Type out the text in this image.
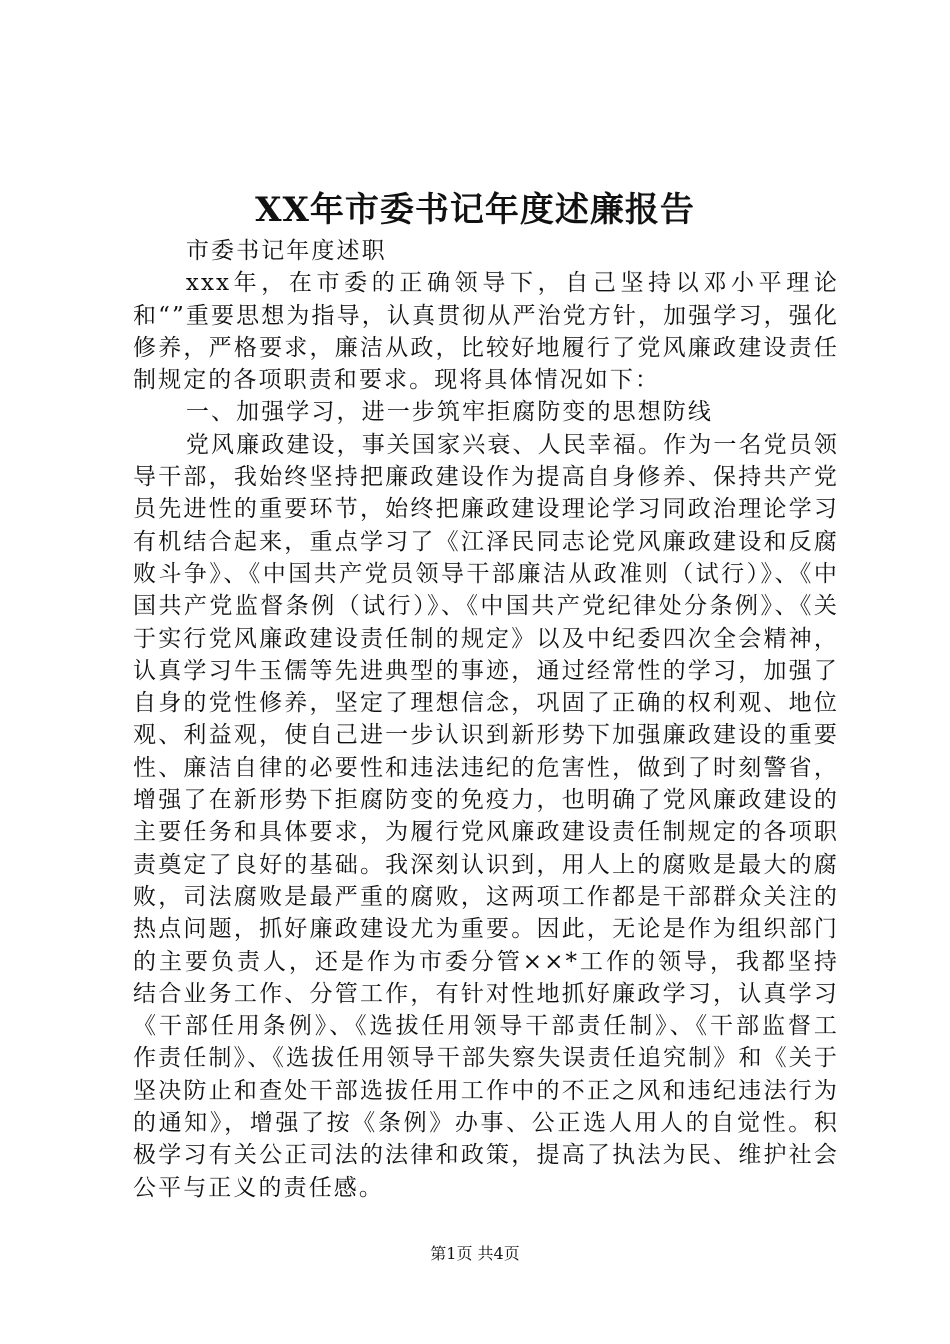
XX年市委书记年度述廉报告

市委书记年度述职

xxx年，在市委的正确领导下，自己坚持以邓小平理论和“”重要思想为指导，认真贯彻从严治党方针，加强学习，强化修养，严格要求，廉洁从政，比较好地履行了党风廉政建设责任制规定的各项职责和要求。现将具体情况如下：

一、加强学习，进一步筑牢拒腐防变的思想防线

党风廉政建设，事关国家兴衰、人民幸福。作为一名党员领导干部，我始终坚持把廉政建设作为提高自身修养、保持共产党员先进性的重要环节，始终把廉政建设理论学习同政治理论学习有机结合起来，重点学习了《江泽民同志论党风廉政建设和反腐败斗争》、《中国共产党员领导干部廉洁从政准则（试行）》、《中国共产党监督条例（试行）》、《中国共产党纪律处分条例》、《关于实行党风廉政建设责任制的规定》以及中纪委四次全会精神，认真学习牛玉儒等先进典型的事迹，通过经常性的学习，加强了自身的党性修养，坚定了理想信念，巩固了正确的权利观、地位观、利益观，使自己进一步认识到新形势下加强廉政建设的重要性、廉洁自律的必要性和违法违纪的危害性，做到了时刻警省，增强了在新形势下拒腐防变的免疫力，也明确了党风廉政建设的主要任务和具体要求，为履行党风廉政建设责任制规定的各项职责奠定了良好的基础。我深刻认识到，用人上的腐败是最大的腐败，司法腐败是最严重的腐败，这两项工作都是干部群众关注的热点问题，抓好廉政建设尤为重要。因此，无论是作为组织部门的主要负责人，还是作为市委分管××*工作的领导，我都坚持结合业务工作、分管工作，有针对性地抓好廉政学习，认真学习《干部任用条例》、《选拔任用领导干部责任制》、《干部监督工作责任制》、《选拔任用领导干部失察失误责任追究制》和《关于坚决防止和查处干部选拔任用工作中的不正之风和违纪违法行为的通知》，增强了按《条例》办事、公正选人用人的自觉性。积极学习有关公正司法的法律和政策，提高了执法为民、维护社会公平与正义的责任感。

第1页 共4页
